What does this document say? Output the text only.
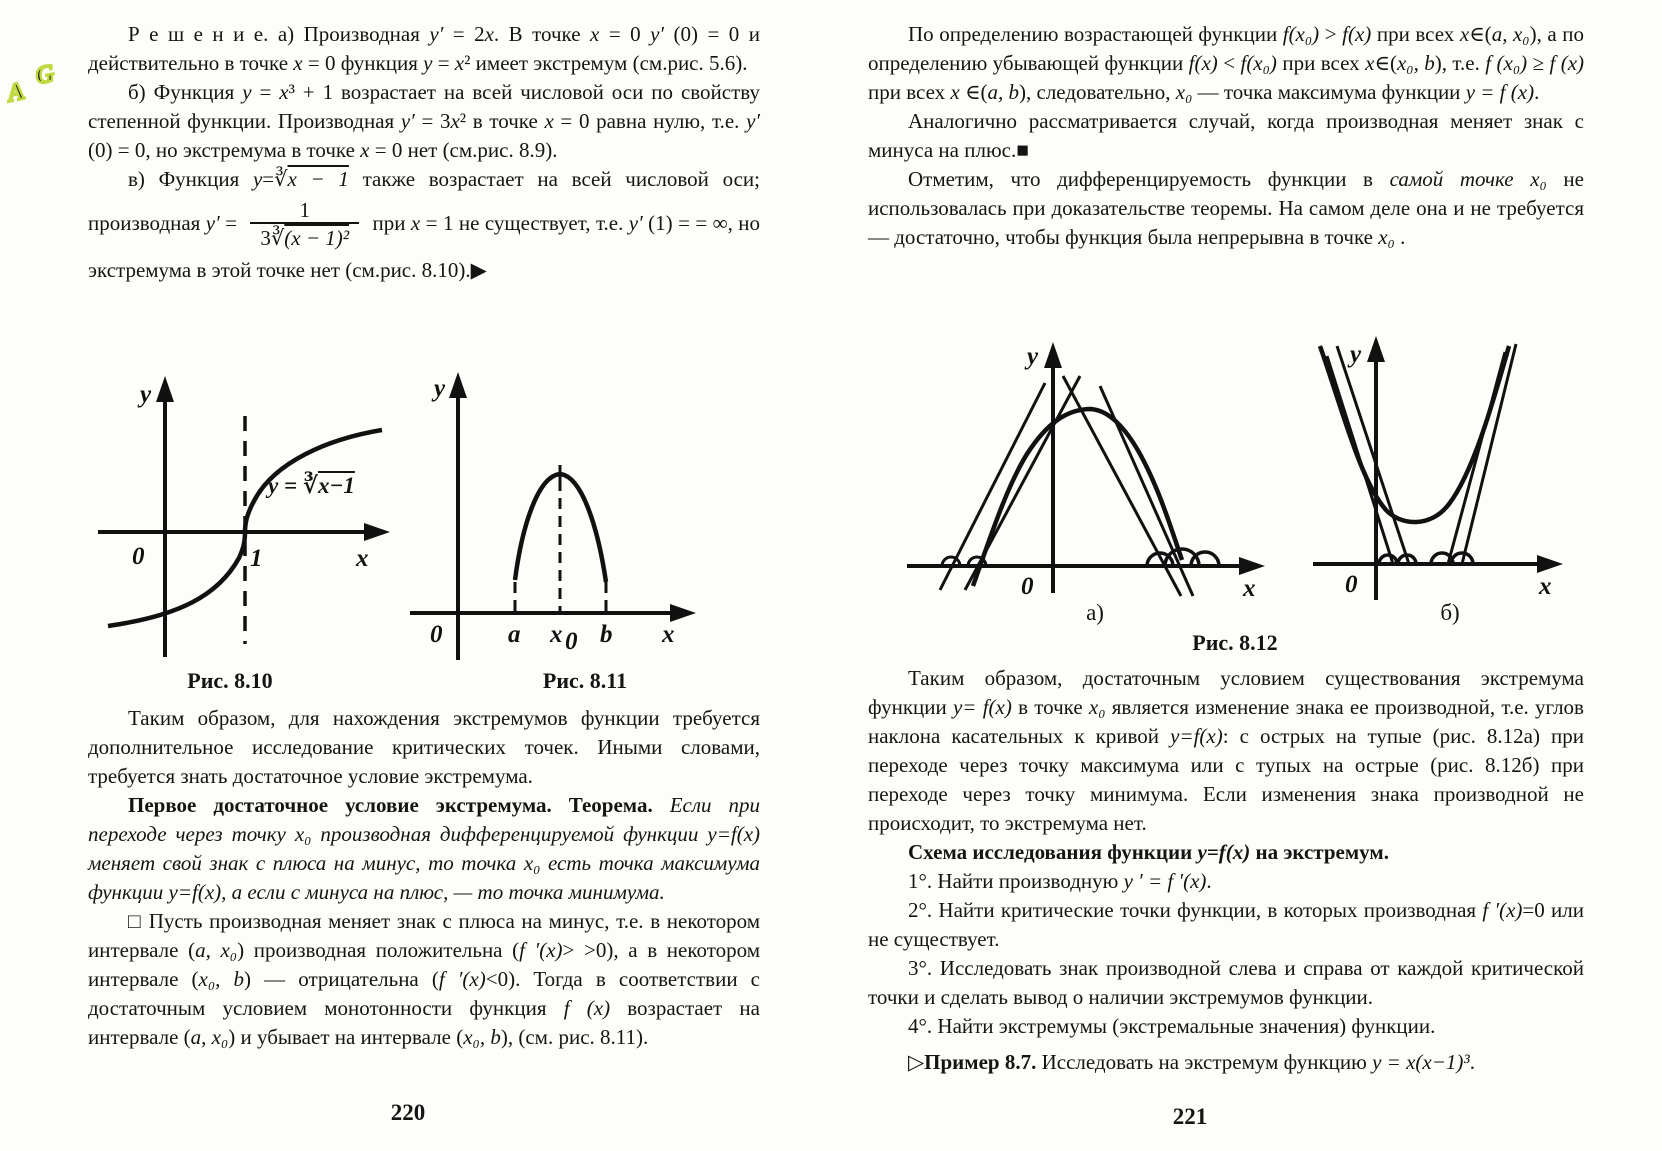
G
A

Р е ш е н и е. а) Производная y′ = 2x. В точке x = 0 y′ (0) = 0 и действительно в точке x = 0 функция y = x² имеет экстремум (см.рис. 5.6).

б) Функция y = x³ + 1 возрастает на всей числовой оси по свойству степенной функции. Производная y′ = 3x² в точке x = 0 равна нулю, т.е. y′ (0) = 0, но экстремума в точке x = 0 нет (см.рис. 8.9).

в) Функция y=∛x − 1 также возрастает на всей числовой оси; производная $y' = \frac{1}{\text{3∛(x − 1)²}}$ при x = 1 не существует, т.е. y′ (1) = = ∞, но экстремума в этой точке нет (см.рис. 8.10).▶

y
x
0	1
y = ∛x−1
Рис. 8.10
y
0	a x 0 b x
Рис. 8.11

Таким образом, для нахождения экстремумов функции требуется дополнительное исследование критических точек. Иными словами, требуется знать достаточное условие экстремума.

Первое достаточное условие экстремума. Теорема. Если при переходе через точку x₀ производная дифференцируемой функции y=f(x) меняет свой знак с плюса на минус, то точка x₀ есть точка максимума функции y=f(x), а если с минуса на плюс, — то точка минимума.

□ Пусть производная меняет знак с плюса на минус, т.е. в некотором интервале (a, x₀) производная положительна (f ′(x)> >0), а в некотором интервале (x₀, b) — отрицательна (f ′(x)<0). Тогда в соответствии с достаточным условием монотонности функция f (x) возрастает на интервале (a, x₀) и убывает на интервале (x₀, b), (см. рис. 8.11).

220

По определению возрастающей функции f(x₀) > f(x) при всех x∈(a, x₀), а по определению убывающей функции f(x) < f(x₀) при всех x∈(x₀, b), т.е. f (x₀) ≥ f (x) при всех x ∈(a, b), следовательно, x₀ — точка максимума функции y = f (x).

Аналогично рассматривается случай, когда производная меняет знак с минуса на плюс.■

Отметим, что дифференцируемость функции в самой точке x₀ не использовалась при доказательстве теоремы. На самом деле она и не требуется — достаточно, чтобы функция была непрерывна в точке x₀ .

y
0	x
а)
y
0	x
б)
Рис. 8.12

Таким образом, достаточным условием существования экстремума функции y= f(x) в точке x₀ является изменение знака ее производной, т.е. углов наклона касательных к кривой y=f(x): с острых на тупые (рис. 8.12а) при переходе через точку максимума или с тупых на острые (рис. 8.12б) при переходе через точку минимума. Если изменения знака производной не происходит, то экстремума нет.

Схема исследования функции y=f(x) на экстремум.

1°. Найти производную y ′ = f ′(x).

2°. Найти критические точки функции, в которых производная f ′(x)=0 или не существует.

3°. Исследовать знак производной слева и справа от каждой критической точки и сделать вывод о наличии экстремумов функции.

4°. Найти экстремумы (экстремальные значения) функции.

▷Пример 8.7. Исследовать на экстремум функцию y = x(x−1)³.

221
